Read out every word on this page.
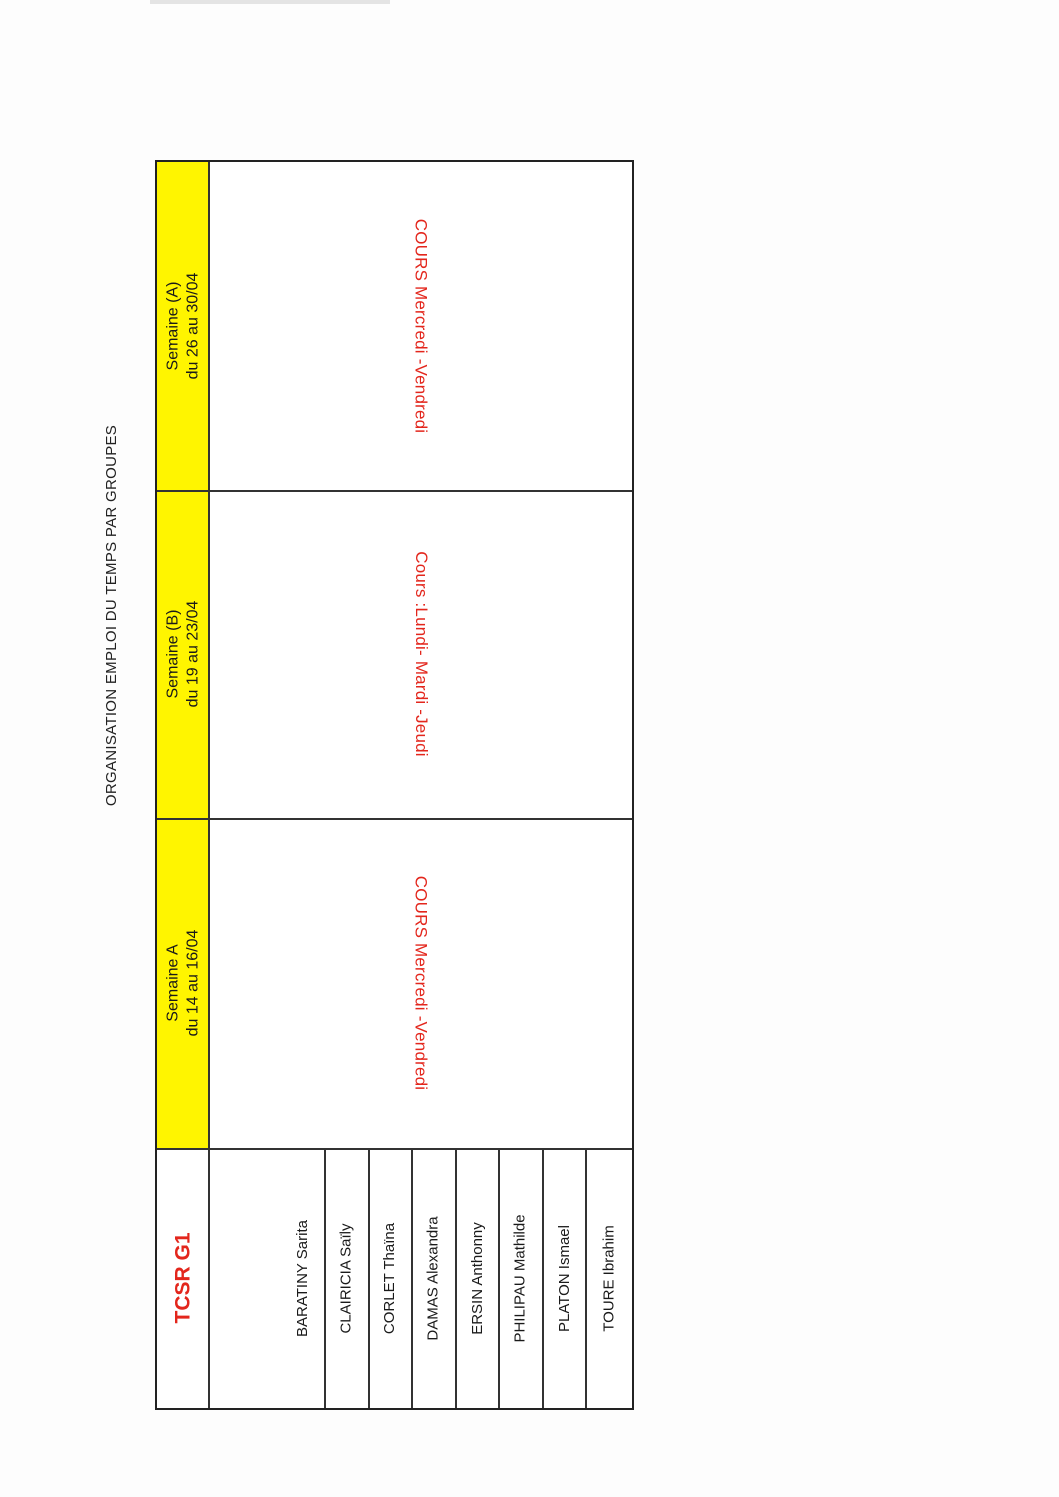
ORGANISATION EMPLOI DU TEMPS PAR GROUPES
Semaine (A) du 26 au 30/04
Semaine (B) du 19 au 23/04
Semaine A du 14 au 16/04
COURS Mercredi -Vendredi
Cours :Lundi- Mardi -Jeudi
COURS Mercredi -Vendredi
TCSR G1	BARATINY Sarita CLAIRICIA Saïly CORLET Thaïna DAMAS Alexandra ERSIN Anthonny PHILIPAU Mathilde PLATON Ismael TOURE Ibrahim
